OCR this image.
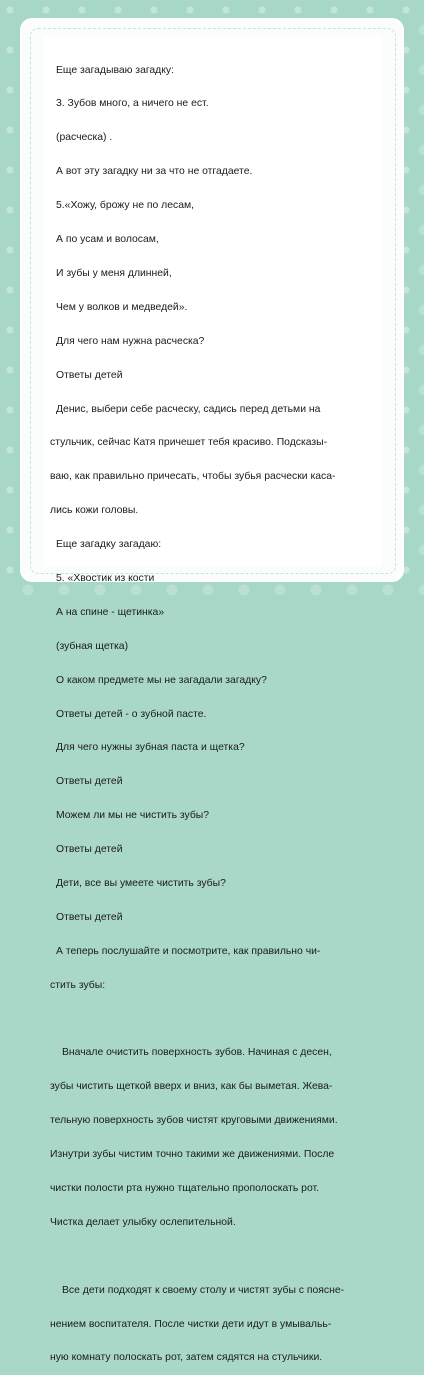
Еще загадываю загадку:

3. Зубов много, а ничего не ест.

(расческа) .

А вот эту загадку ни за что не отгадаете.

5.«Хожу, брожу не по лесам,

А по усам и волосам,

И зубы у меня длинней,

Чем у волков и медведей».

Для чего нам нужна расческа?

Ответы детей

Денис, выбери себе расческу, садись перед детьми на

стульчик, сейчас Катя причешет тебя красиво. Подсказы-

ваю, как правильно причесать, чтобы зубья расчески каса-

лись кожи головы.

Еще загадку загадаю:

5. «Хвостик из кости

А на спине - щетинка»

(зубная щетка)

О каком предмете мы не загадали загадку?

Ответы детей - о зубной пасте.

Для чего нужны зубная паста и щетка?

Ответы детей

Можем ли мы не чистить зубы?

Ответы детей

Дети, все вы умеете чистить зубы?

Ответы детей

А теперь послушайте и посмотрите, как правильно чи-

стить зубы:

Вначале очистить поверхность зубов. Начиная с десен,

зубы чистить щеткой вверх и вниз, как бы выметая. Жева-

тельную поверхность зубов чистят круговыми движениями.

Изнутри зубы чистим точно такими же движениями. После

чистки полости рта нужно тщательно прополоскать рот.

Чистка делает улыбку ослепительной.

Все дети подходят к своему столу и чистят зубы с поясне-

нением воспитателя. После чистки дети идут в умывальь-

ную комнату полоскать рот, затем сядятся на стульчики.
